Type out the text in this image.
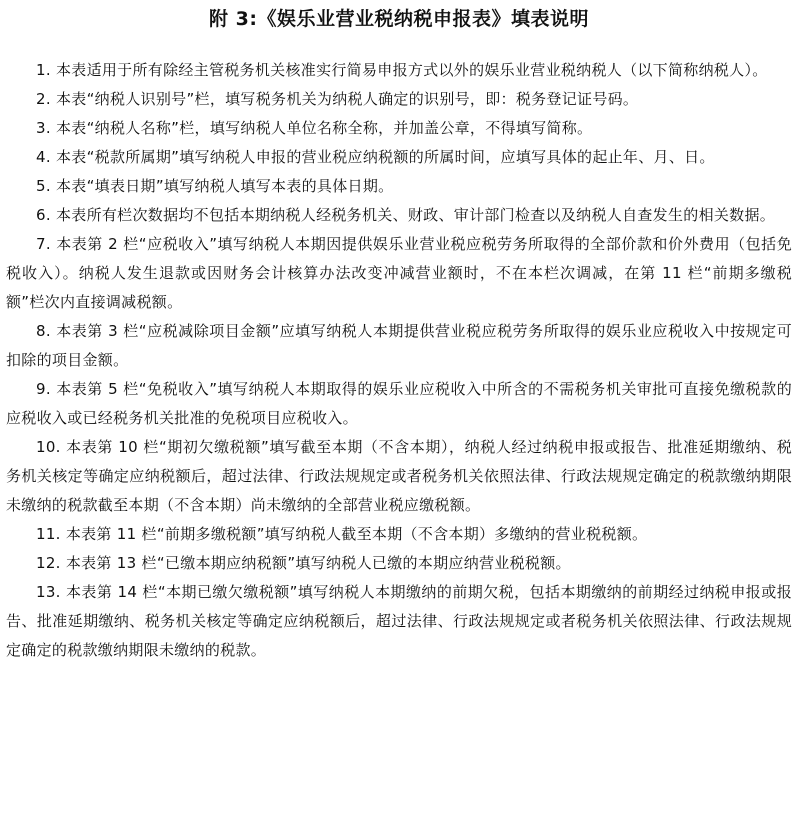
附 3:《娱乐业营业税纳税申报表》填表说明
1. 本表适用于所有除经主管税务机关核准实行简易申报方式以外的娱乐业营业税纳税人（以下简称纳税人）。
2. 本表“纳税人识别号”栏，填写税务机关为纳税人确定的识别号，即：税务登记证号码。
3. 本表“纳税人名称”栏，填写纳税人单位名称全称，并加盖公章，不得填写简称。
4. 本表“税款所属期”填写纳税人申报的营业税应纳税额的所属时间，应填写具体的起止年、月、日。
5. 本表“填表日期”填写纳税人填写本表的具体日期。
6. 本表所有栏次数据均不包括本期纳税人经税务机关、财政、审计部门检查以及纳税人自查发生的相关数据。
7. 本表第 2 栏“应税收入”填写纳税人本期因提供娱乐业营业税应税劳务所取得的全部价款和价外费用（包括免税收入）。纳税人发生退款或因财务会计核算办法改变冲减营业额时，不在本栏次调减，在第 11 栏“前期多缴税额”栏次内直接调减税额。
8. 本表第 3 栏“应税减除项目金额”应填写纳税人本期提供营业税应税劳务所取得的娱乐业应税收入中按规定可扣除的项目金额。
9. 本表第 5 栏“免税收入”填写纳税人本期取得的娱乐业应税收入中所含的不需税务机关审批可直接免缴税款的应税收入或已经税务机关批准的免税项目应税收入。
10. 本表第 10 栏“期初欠缴税额”填写截至本期（不含本期），纳税人经过纳税申报或报告、批准延期缴纳、税务机关核定等确定应纳税额后，超过法律、行政法规规定或者税务机关依照法律、行政法规规定确定的税款缴纳期限未缴纳的税款截至本期（不含本期）尚未缴纳的全部营业税应缴税额。
11. 本表第 11 栏“前期多缴税额”填写纳税人截至本期（不含本期）多缴纳的营业税税额。
12. 本表第 13 栏“已缴本期应纳税额”填写纳税人已缴的本期应纳营业税税额。
13. 本表第 14 栏“本期已缴欠缴税额”填写纳税人本期缴纳的前期欠税，包括本期缴纳的前期经过纳税申报或报告、批准延期缴纳、税务机关核定等确定应纳税额后，超过法律、行政法规规定或者税务机关依照法律、行政法规规定确定的税款缴纳期限未缴纳的税款。
